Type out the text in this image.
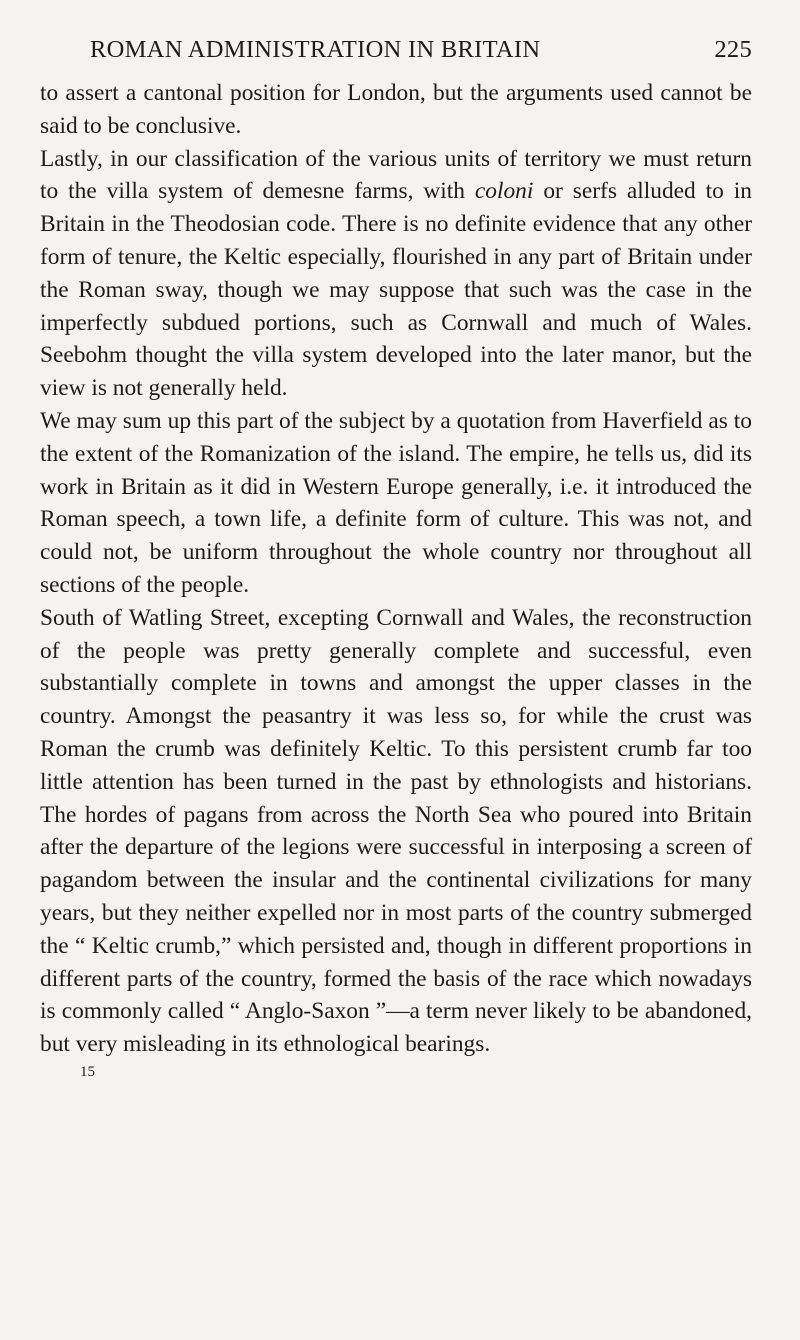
ROMAN ADMINISTRATION IN BRITAIN	225

to assert a cantonal position for London, but the arguments used cannot be said to be conclusive.

Lastly, in our classification of the various units of territory we must return to the villa system of demesne farms, with coloni or serfs alluded to in Britain in the Theodosian code. There is no definite evidence that any other form of tenure, the Keltic especially, flourished in any part of Britain under the Roman sway, though we may suppose that such was the case in the imperfectly subdued portions, such as Cornwall and much of Wales. Seebohm thought the villa system developed into the later manor, but the view is not generally held.

We may sum up this part of the subject by a quotation from Haverfield as to the extent of the Romanization of the island. The empire, he tells us, did its work in Britain as it did in Western Europe generally, i.e. it introduced the Roman speech, a town life, a definite form of culture. This was not, and could not, be uniform throughout the whole country nor throughout all sections of the people.

South of Watling Street, excepting Cornwall and Wales, the reconstruction of the people was pretty generally complete and successful, even substantially complete in towns and amongst the upper classes in the country. Amongst the peasantry it was less so, for while the crust was Roman the crumb was definitely Keltic. To this persistent crumb far too little attention has been turned in the past by ethnologists and historians. The hordes of pagans from across the North Sea who poured into Britain after the departure of the legions were successful in interposing a screen of pagandom between the insular and the continental civilizations for many years, but they neither expelled nor in most parts of the country submerged the “ Keltic crumb,” which persisted and, though in different proportions in different parts of the country, formed the basis of the race which nowadays is commonly called “ Anglo-Saxon ”—a term never likely to be abandoned, but very misleading in its ethnological bearings.

15
